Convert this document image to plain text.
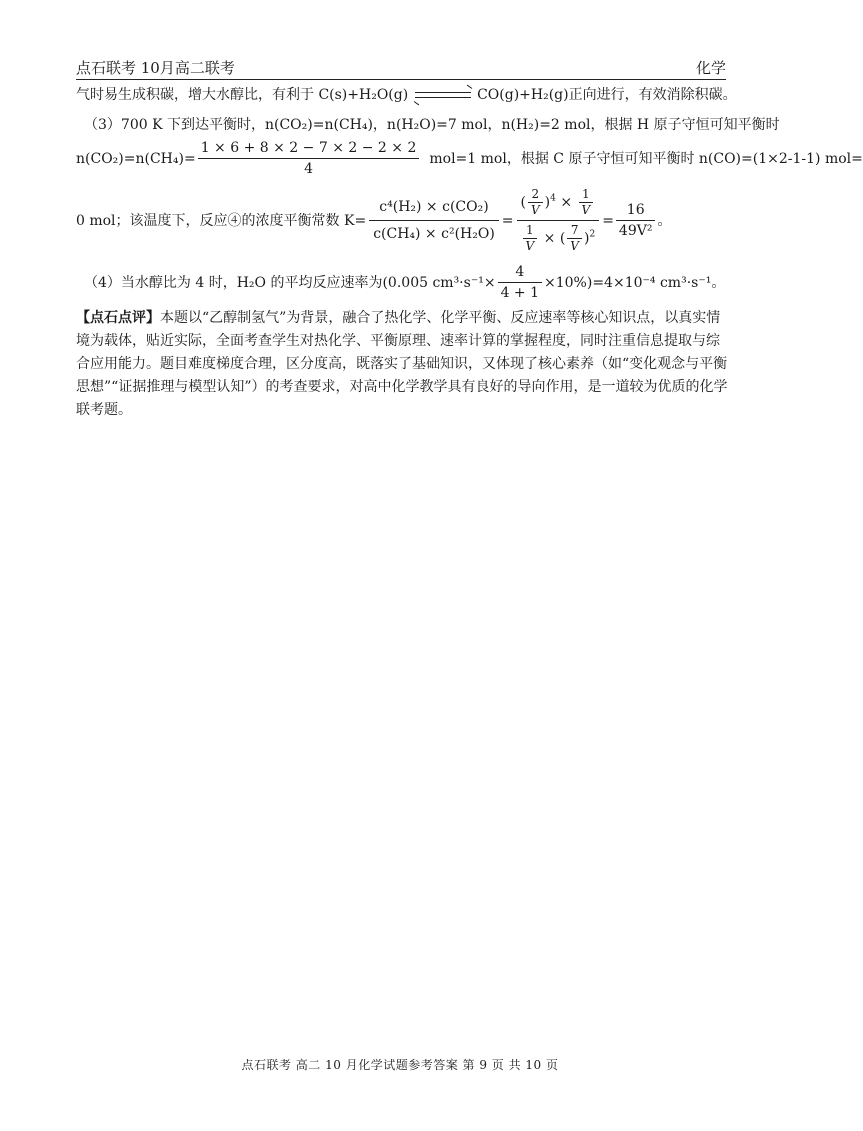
点石联考 10月高二联考	化学
气时易生成积碳，增大水醇比，有利于 C(s)+H₂O(g) ⇌ CO(g)+H₂(g)正向进行，有效消除积碳。
（3）700 K 下到达平衡时，n(CO₂)=n(CH₄)，n(H₂O)=7 mol，n(H₂)=2 mol，根据 H 原子守恒可知平衡时
$n(CO_2)=n(CH_4)= \frac{1 \times 6 + 8 \times 2 - 7 \times 2 - 2 \times 2}{4} mol=1$ mol，根据 C 原子守恒可知平衡时 n(CO)=(1×2-1-1) mol=
0 mol；该温度下，反应④的浓度平衡常数 $K= \frac{\text{c⁴(H₂) × c(CO₂)}}{\text{c(CH₄) × c²(H₂O)}} = \frac{( \frac{2}{V} )^4 \times \frac{1}{V}}{\frac{1}{V} \times ( \frac{7}{V} )^2} = \frac{16}{\text{49V²}}$ 。
（4）当水醇比为 4 时，H₂O 的平均反应速率为(0.005 $cm^3\cdot s^{-1}\times \frac{4}{4 + 1} \times 10\%)=4\times 10^{-4}$ cm³·s⁻¹。
【点石点评】本题以“乙醇制氢气”为背景，融合了热化学、化学平衡、反应速率等核心知识点，以真实情境为载体，贴近实际，全面考查学生对热化学、平衡原理、速率计算的掌握程度，同时注重信息提取与综合应用能力。题目难度梯度合理，区分度高，既落实了基础知识，又体现了核心素养（如“变化观念与平衡思想”“证据推理与模型认知”）的考查要求，对高中化学教学具有良好的导向作用，是一道较为优质的化学联考题。
点石联考 高二 10 月化学试题参考答案 第 9 页 共 10 页
